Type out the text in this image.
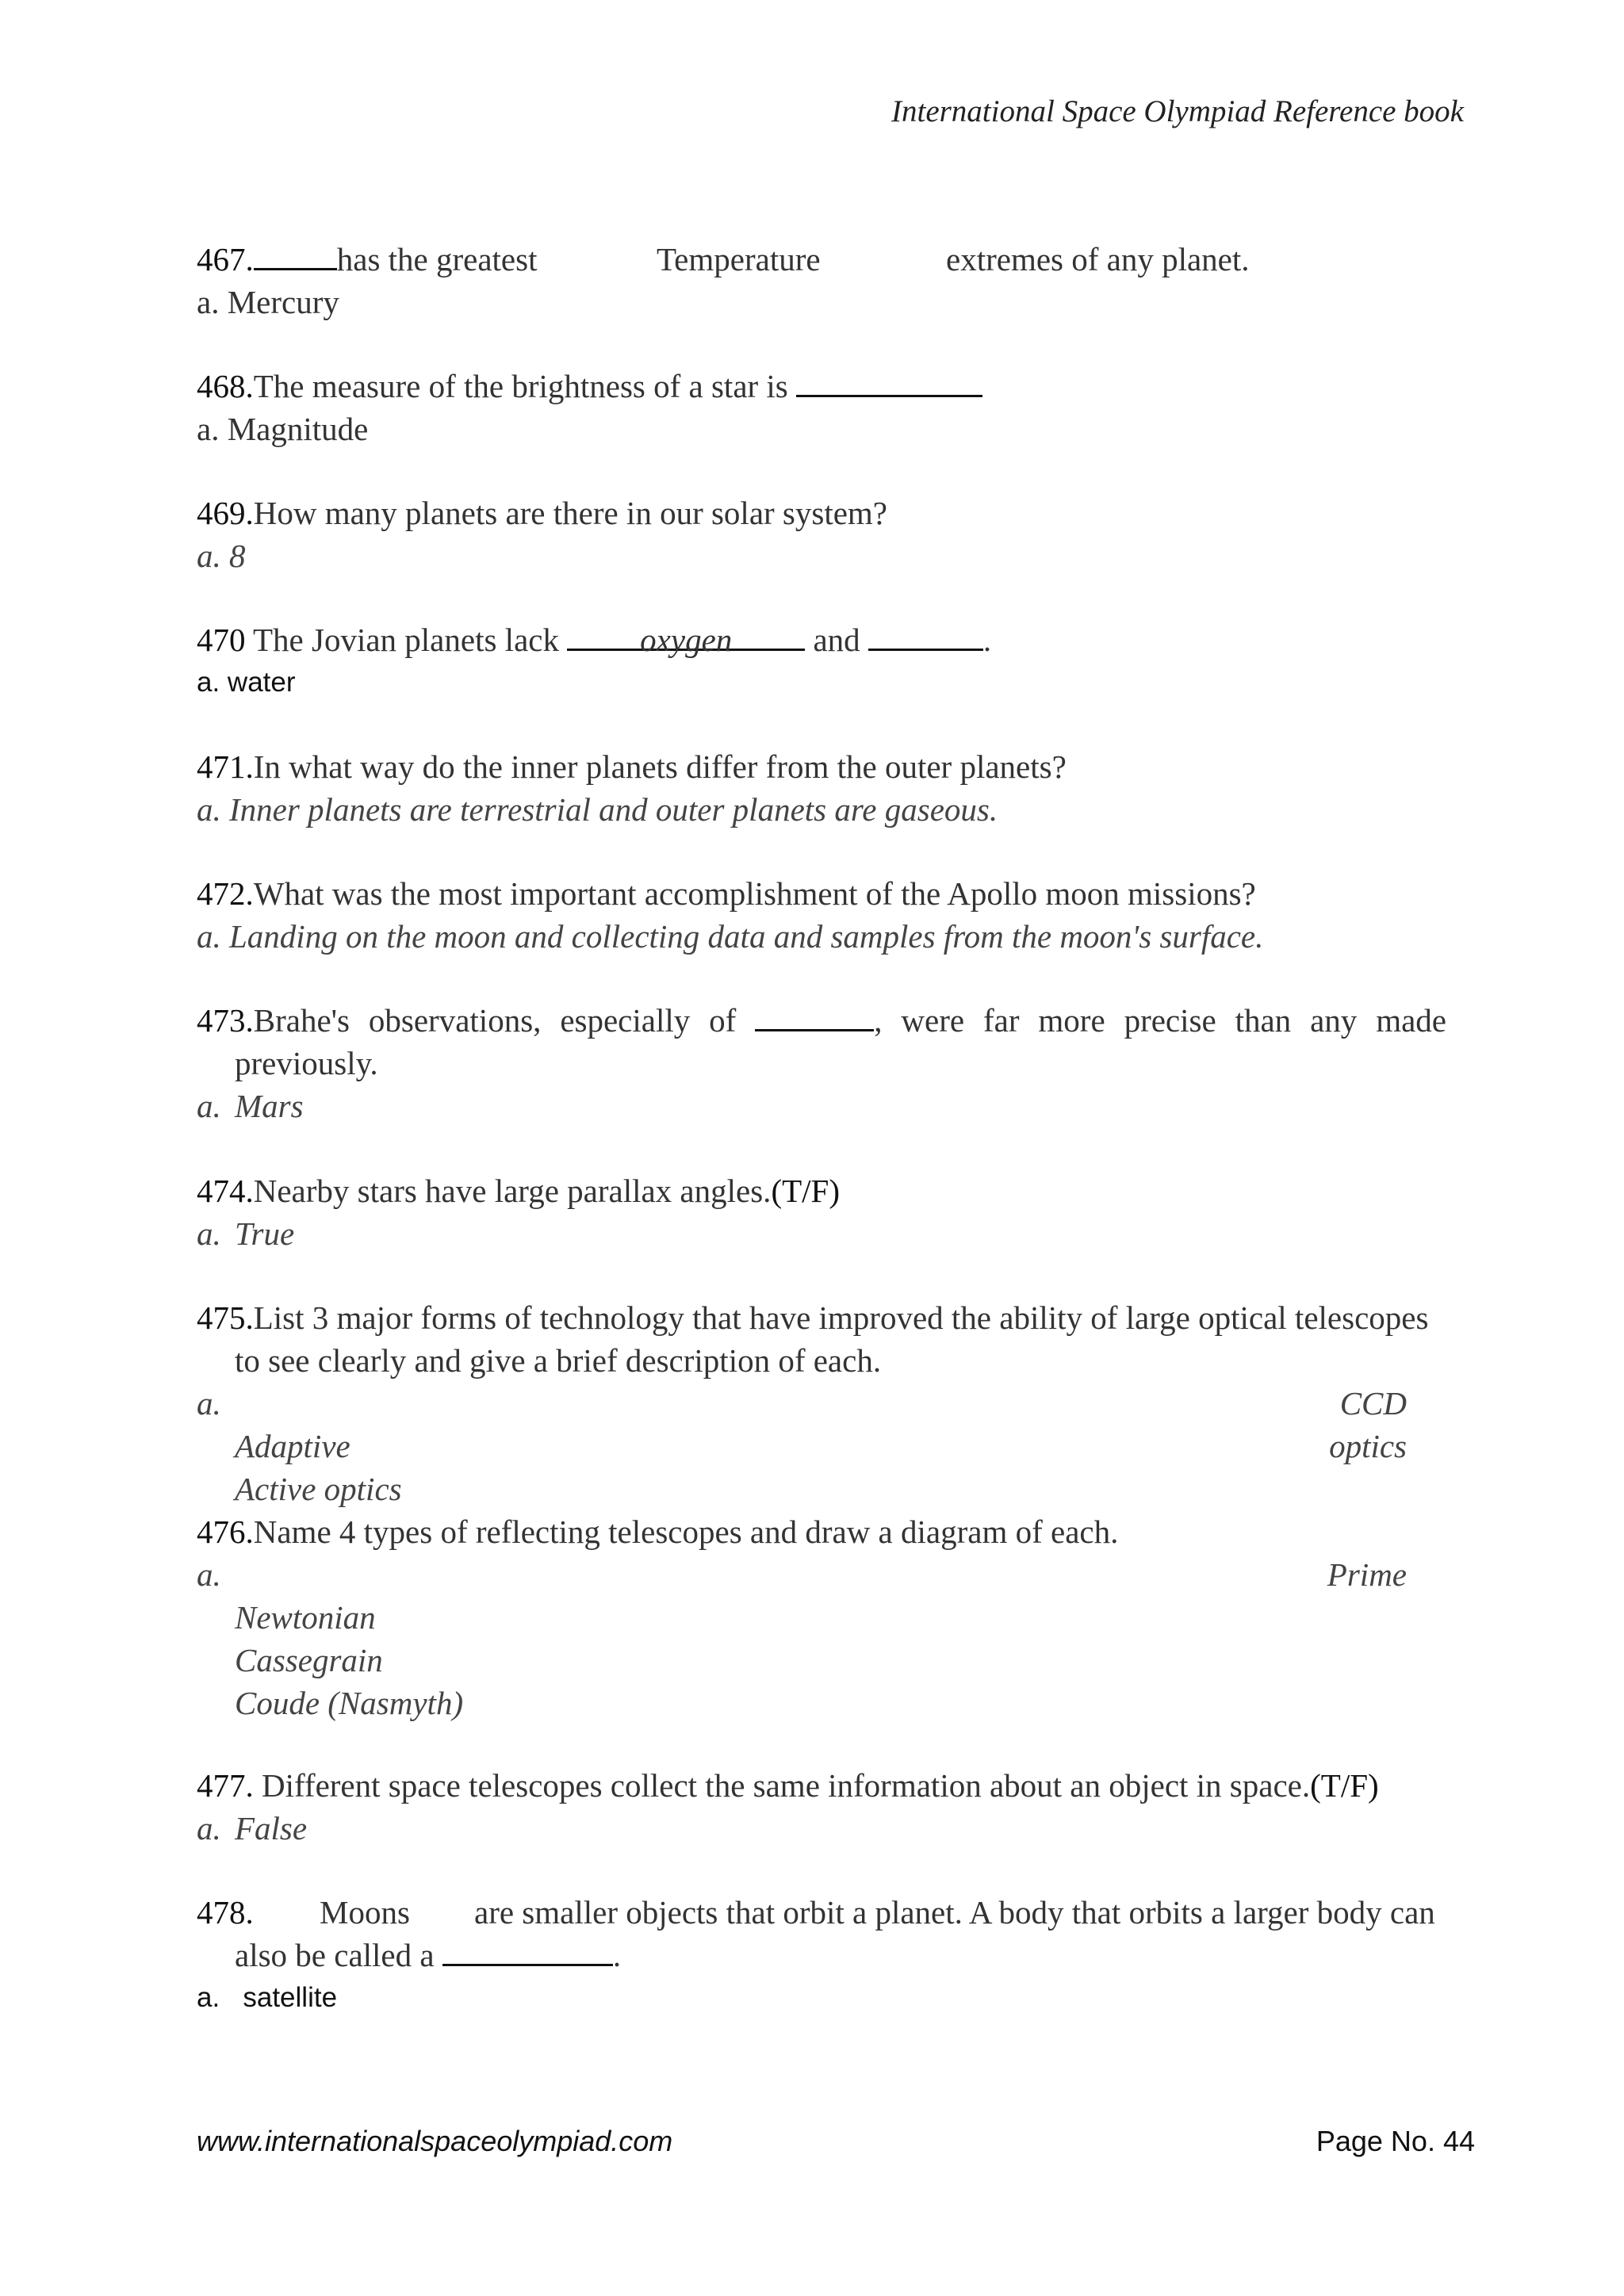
International Space Olympiad Reference book
467.	has the greatest	Temperature	extremes of any planet.
a. Mercury
468.The measure of the brightness of a star is
a. Magnitude
469.How many planets are there in our solar system?
a. 8
470 The Jovian planets lack oxygen and	.
a. water
471.In what way do the inner planets differ from the outer planets?
a. Inner planets are terrestrial and outer planets are gaseous.
472.What was the most important accomplishment of the Apollo moon missions?
a. Landing on the moon and collecting data and samples from the moon's surface.
473.Brahe's observations, especially of	, were far more precise than any made
previously.
a. Mars
474.Nearby stars have large parallax angles.(T/F)
a. True
475.List 3 major forms of technology that have improved the ability of large optical telescopes
to see clearly and give a brief description of each.
a.	CCD
Adaptive	optics
Active optics
476.Name 4 types of reflecting telescopes and draw a diagram of each.
a.	Prime
Newtonian
Cassegrain
Coude (Nasmyth)
477. Different space telescopes collect the same information about an object in space.(T/F)
a. False
478. Moons are smaller objects that orbit a planet. A body that orbits a larger body can
also be called a	.
a.   satellite
www.internationalspaceolympiad.com	Page No. 44
